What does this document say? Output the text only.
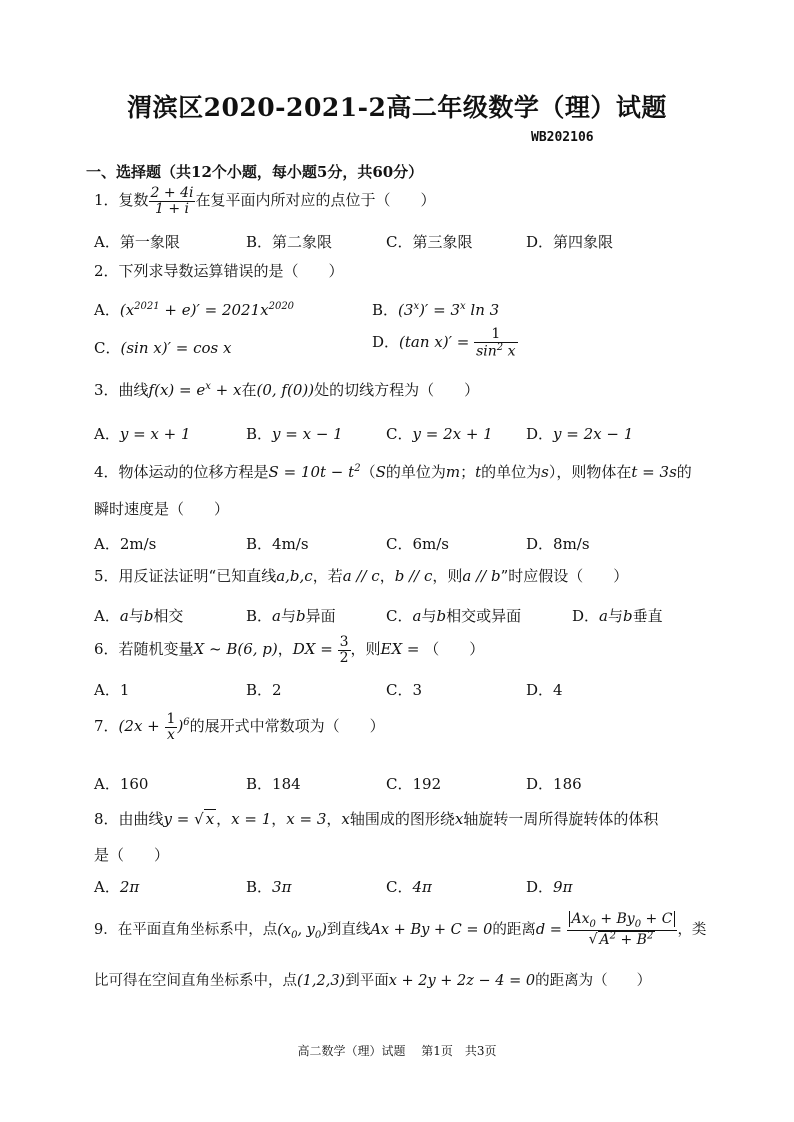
渭滨区2020-2021-2高二年级数学（理）试题
WB202106
一、选择题（共12个小题，每小题5分，共60分）
1．复数 $\frac{2 + 4i}{1 + i}$ 在复平面内所对应的点位于（　　）
A．第一象限	B．第二象限	C．第三象限	D．第四象限
2．下列求导数运算错误的是（　　）
A．$(x^{2021} + e)' = 2021x^{2020}$	B．$(3^x)' = 3^x$ ln 3
C．(sin x)′ = cos x	D．(tan $x)' = \frac{1}{\sin^2 x}$
3．曲线$f(x) = e^x + x$在(0, f(0))处的切线方程为（　　）
A．y = x + 1	B．y = x − 1	C．y = 2x + 1 D．y = 2x − 1
4．物体运动的位移方程是$S = 10t - t^2(S$的单位为m；t的单位为s），则物体在t = 3s的
瞬时速度是（　　）
A．2m/s	B．4m/s	C．6m/s	D．8m/s
5．用反证法证明“已知直线a,b,c，若a // c，b // c，则a // b”时应假设（　　）
A．a与b相交	B．a与b异面	C．a与b相交或异面	D．a与b垂直
6．若随机变量X ~ B(6, p)，DX = $\frac{3}{2}$ ，则EX = （　　）
A．1	B．2	C．3	D．4
7．$(2x + \frac{1}{x} )^6$的展开式中常数项为（　　）
A．160	B．184	C．192	D．186
8．由曲线y = √ x ，x = 1，x = 3，x轴围成的图形绕x轴旋转一周所得旋转体的体积
是（　　）
A．2π	B．3π	C．4π	D．9π
9．在平面直角坐标系中，点($x_0$, $y_0$)到直线Ax + By + C = 0的距离$d = \frac{Ax_0 + By_0 + C}{√ A^2 + B^2}$ ，类
比可得在空间直角坐标系中，点(1,2,3)到平面x + 2y + 2z − 4 = 0的距离为（　　）
高二数学（理）试题　 第1页　共3页
